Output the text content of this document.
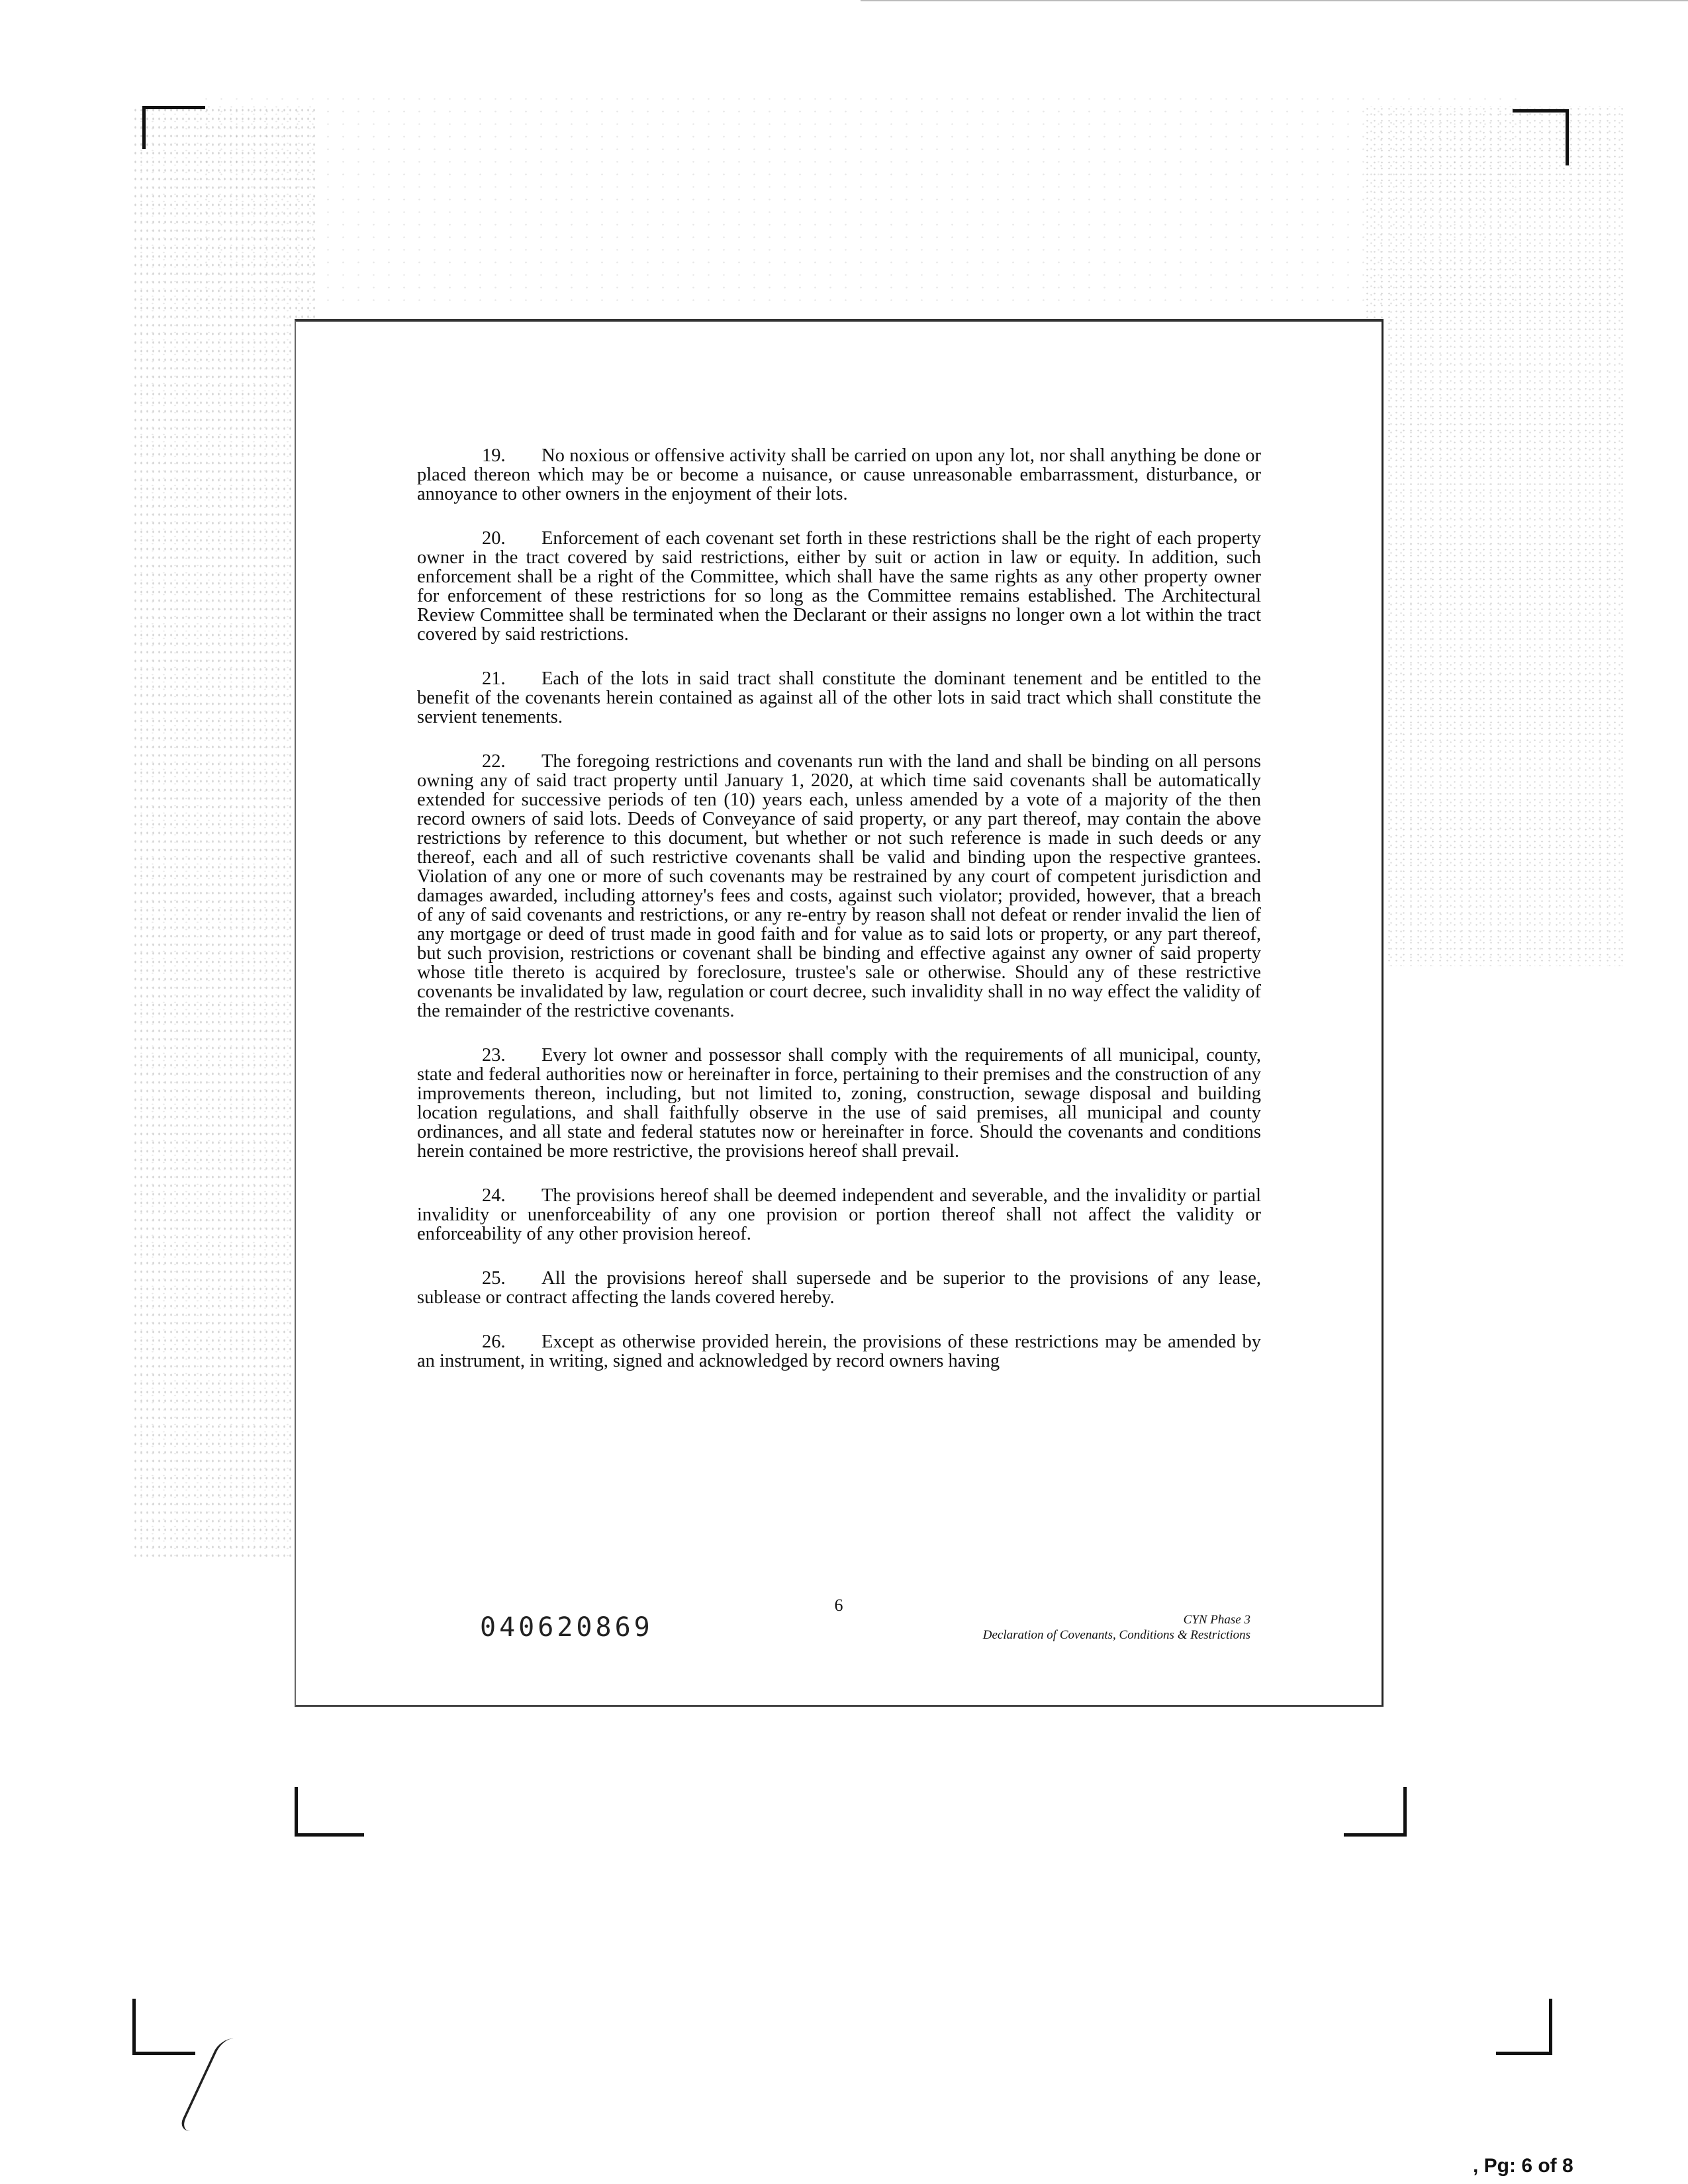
19. No noxious or offensive activity shall be carried on upon any lot, nor shall anything be done or placed thereon which may be or become a nuisance, or cause unreasonable embarrassment, disturbance, or annoyance to other owners in the enjoyment of their lots.

20. Enforcement of each covenant set forth in these restrictions shall be the right of each property owner in the tract covered by said restrictions, either by suit or action in law or equity. In addition, such enforcement shall be a right of the Committee, which shall have the same rights as any other property owner for enforcement of these restrictions for so long as the Committee remains established. The Architectural Review Committee shall be terminated when the Declarant or their assigns no longer own a lot within the tract covered by said restrictions.

21. Each of the lots in said tract shall constitute the dominant tenement and be entitled to the benefit of the covenants herein contained as against all of the other lots in said tract which shall constitute the servient tenements.

22. The foregoing restrictions and covenants run with the land and shall be binding on all persons owning any of said tract property until January 1, 2020, at which time said covenants shall be automatically extended for successive periods of ten (10) years each, unless amended by a vote of a majority of the then record owners of said lots. Deeds of Conveyance of said property, or any part thereof, may contain the above restrictions by reference to this document, but whether or not such reference is made in such deeds or any thereof, each and all of such restrictive covenants shall be valid and binding upon the respective grantees. Violation of any one or more of such covenants may be restrained by any court of competent jurisdiction and damages awarded, including attorney's fees and costs, against such violator; provided, however, that a breach of any of said covenants and restrictions, or any re-entry by reason shall not defeat or render invalid the lien of any mortgage or deed of trust made in good faith and for value as to said lots or property, or any part thereof, but such provision, restrictions or covenant shall be binding and effective against any owner of said property whose title thereto is acquired by foreclosure, trustee's sale or otherwise. Should any of these restrictive covenants be invalidated by law, regulation or court decree, such invalidity shall in no way effect the validity of the remainder of the restrictive covenants.

23. Every lot owner and possessor shall comply with the requirements of all municipal, county, state and federal authorities now or hereinafter in force, pertaining to their premises and the construction of any improvements thereon, including, but not limited to, zoning, construction, sewage disposal and building location regulations, and shall faithfully observe in the use of said premises, all municipal and county ordinances, and all state and federal statutes now or hereinafter in force. Should the covenants and conditions herein contained be more restrictive, the provisions hereof shall prevail.

24. The provisions hereof shall be deemed independent and severable, and the invalidity or partial invalidity or unenforceability of any one provision or portion thereof shall not affect the validity or enforceability of any other provision hereof.

25. All the provisions hereof shall supersede and be superior to the provisions of any lease, sublease or contract affecting the lands covered hereby.

26. Except as otherwise provided herein, the provisions of these restrictions may be amended by an instrument, in writing, signed and acknowledged by record owners having

6
040620869	CYN Phase 3
Declaration of Covenants, Conditions & Restrictions
, Pg: 6 of 8
